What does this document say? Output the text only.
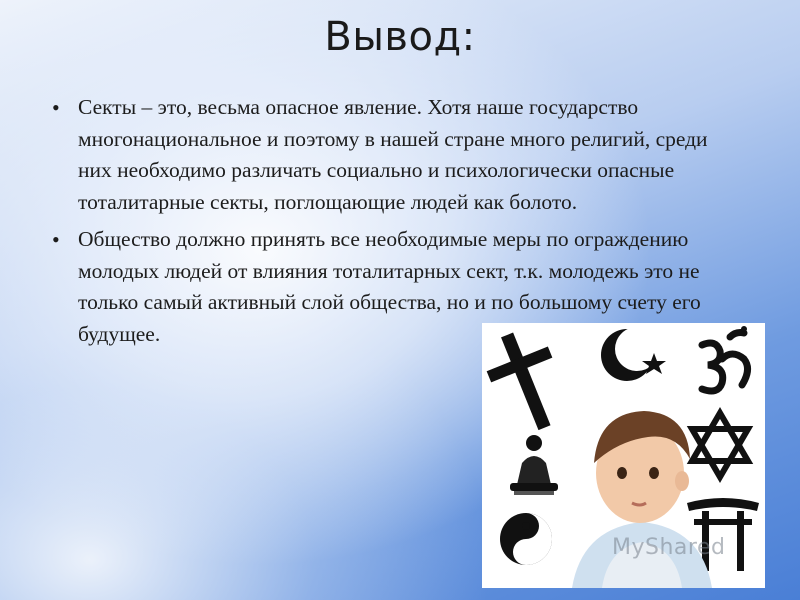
Вывод:
• Секты – это, весьма опасное явление. Хотя наше государство многонациональное и поэтому в нашей стране много религий, среди них необходимо различать социально и психологически опасные тоталитарные секты, поглощающие людей как болото.
• Общество должно принять все необходимые меры по ограждению молодых людей от влияния тоталитарных сект, т.к. молодежь это не только самый активный слой общества, но и по большому счету его будущее.
MyShared
